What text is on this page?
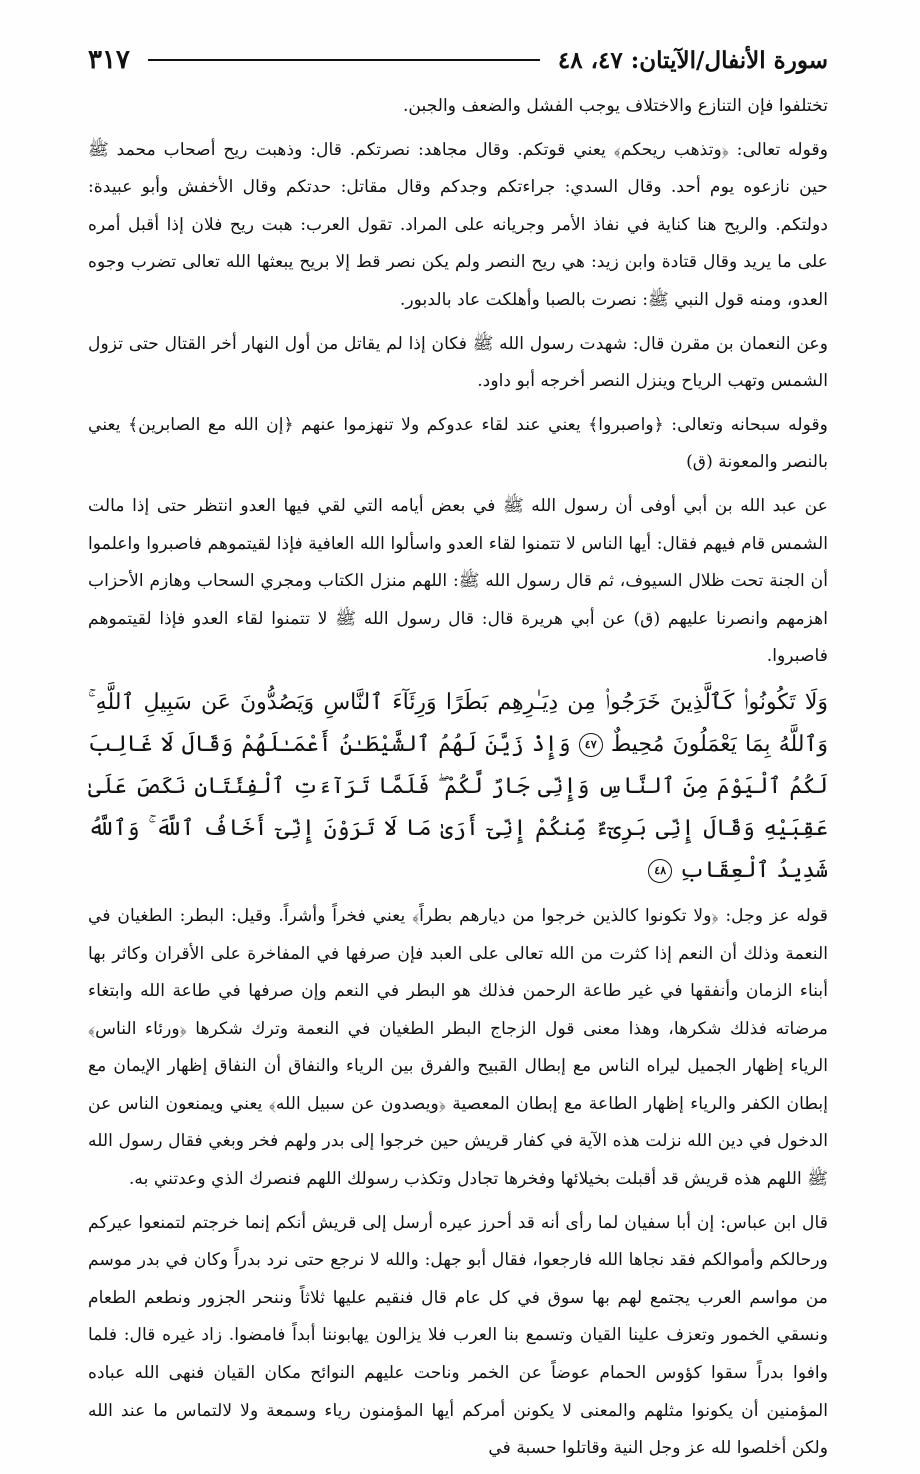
سورة الأنفال/الآيتان: ٤٧، ٤٨
٣١٧

تختلفوا فإن التنازع والاختلاف يوجب الفشل والضعف والجبن.

وقوله تعالى: ﴿وتذهب ريحكم﴾ يعني قوتكم. وقال مجاهد: نصرتكم. قال: وذهبت ريح أصحاب محمد ﷺ حين نازعوه يوم أحد. وقال السدي: جراءتكم وجدكم وقال مقاتل: حدتكم وقال الأخفش وأبو عبيدة: دولتكم. والريح هنا كناية في نفاذ الأمر وجريانه على المراد. تقول العرب: هبت ريح فلان إذا أقبل أمره على ما يريد وقال قتادة وابن زيد: هي ريح النصر ولم يكن نصر قط إلا بريح يبعثها الله تعالى تضرب وجوه العدو، ومنه قول النبي ﷺ: نصرت بالصبا وأهلكت عاد بالدبور.

وعن النعمان بن مقرن قال: شهدت رسول الله ﷺ فكان إذا لم يقاتل من أول النهار أخر القتال حتى تزول الشمس وتهب الرياح وينزل النصر أخرجه أبو داود.

وقوله سبحانه وتعالى: ﴿واصبروا﴾ يعني عند لقاء عدوكم ولا تنهزموا عنهم ﴿إن الله مع الصابرين﴾ يعني بالنصر والمعونة (ق)

عن عبد الله بن أبي أوفى أن رسول الله ﷺ في بعض أيامه التي لقي فيها العدو انتظر حتى إذا مالت الشمس قام فيهم فقال: أيها الناس لا تتمنوا لقاء العدو واسألوا الله العافية فإذا لقيتموهم فاصبروا واعلموا أن الجنة تحت ظلال السيوف، ثم قال رسول الله ﷺ: اللهم منزل الكتاب ومجري السحاب وهازم الأحزاب اهزمهم وانصرنا عليهم (ق) عن أبي هريرة قال: قال رسول الله ﷺ لا تتمنوا لقاء العدو فإذا لقيتموهم فاصبروا.

وَلَا تَكُونُوا۟ كَٱلَّذِينَ خَرَجُوا۟ مِن دِيَـٰرِهِم بَطَرًا وَرِئَآءَ ٱلنَّاسِ وَيَصُدُّونَ عَن سَبِيلِ ٱللَّهِ ۚ وَٱللَّهُ بِمَا يَعْمَلُونَ مُحِيطٌ ٤٧ وَإِذْ زَيَّنَ لَهُمُ ٱلشَّيْطَـٰنُ أَعْمَـٰلَهُمْ وَقَالَ لَا غَالِبَ لَكُمُ ٱلْيَوْمَ مِنَ ٱلنَّاسِ وَإِنِّى جَارٌ لَّكُمْ ۖ فَلَمَّا تَرَآءَتِ ٱلْفِئَتَانِ نَكَصَ عَلَىٰ عَقِبَيْهِ وَقَالَ إِنِّى بَرِىٓءٌ مِّنكُمْ إِنِّىٓ أَرَىٰ مَا لَا تَرَوْنَ إِنِّىٓ أَخَافُ ٱللَّهَ ۚ وَٱللَّهُ شَدِيدُ ٱلْعِقَابِ ٤٨

قوله عز وجل: ﴿ولا تكونوا كالذين خرجوا من ديارهم بطراً﴾ يعني فخراً وأشراً. وقيل: البطر: الطغيان في النعمة وذلك أن النعم إذا كثرت من الله تعالى على العبد فإن صرفها في المفاخرة على الأقران وكاثر بها أبناء الزمان وأنفقها في غير طاعة الرحمن فذلك هو البطر في النعم وإن صرفها في طاعة الله وابتغاء مرضاته فذلك شكرها، وهذا معنى قول الزجاج البطر الطغيان في النعمة وترك شكرها ﴿ورئاء الناس﴾ الرياء إظهار الجميل ليراه الناس مع إبطال القبيح والفرق بين الرياء والنفاق أن النفاق إظهار الإيمان مع إبطان الكفر والرياء إظهار الطاعة مع إبطان المعصية ﴿ويصدون عن سبيل الله﴾ يعني ويمنعون الناس عن الدخول في دين الله نزلت هذه الآية في كفار قريش حين خرجوا إلى بدر ولهم فخر وبغي فقال رسول الله ﷺ اللهم هذه قريش قد أقبلت بخيلائها وفخرها تجادل وتكذب رسولك اللهم فنصرك الذي وعدتني به.

قال ابن عباس: إن أبا سفيان لما رأى أنه قد أحرز عيره أرسل إلى قريش أنكم إنما خرجتم لتمنعوا عيركم ورحالكم وأموالكم فقد نجاها الله فارجعوا، فقال أبو جهل: والله لا نرجع حتى نرد بدراً وكان في بدر موسم من مواسم العرب يجتمع لهم بها سوق في كل عام قال فنقيم عليها ثلاثاً وننحر الجزور ونطعم الطعام ونسقي الخمور وتعزف علينا القيان وتسمع بنا العرب فلا يزالون يهابوننا أبداً فامضوا. زاد غيره قال: فلما وافوا بدراً سقوا كؤوس الحمام عوضاً عن الخمر وناحت عليهم النوائح مكان القيان فنهى الله عباده المؤمنين أن يكونوا مثلهم والمعنى لا يكونن أمركم أيها المؤمنون رياء وسمعة ولا لالتماس ما عند الله ولكن أخلصوا لله عز وجل النية وقاتلوا حسبة في
